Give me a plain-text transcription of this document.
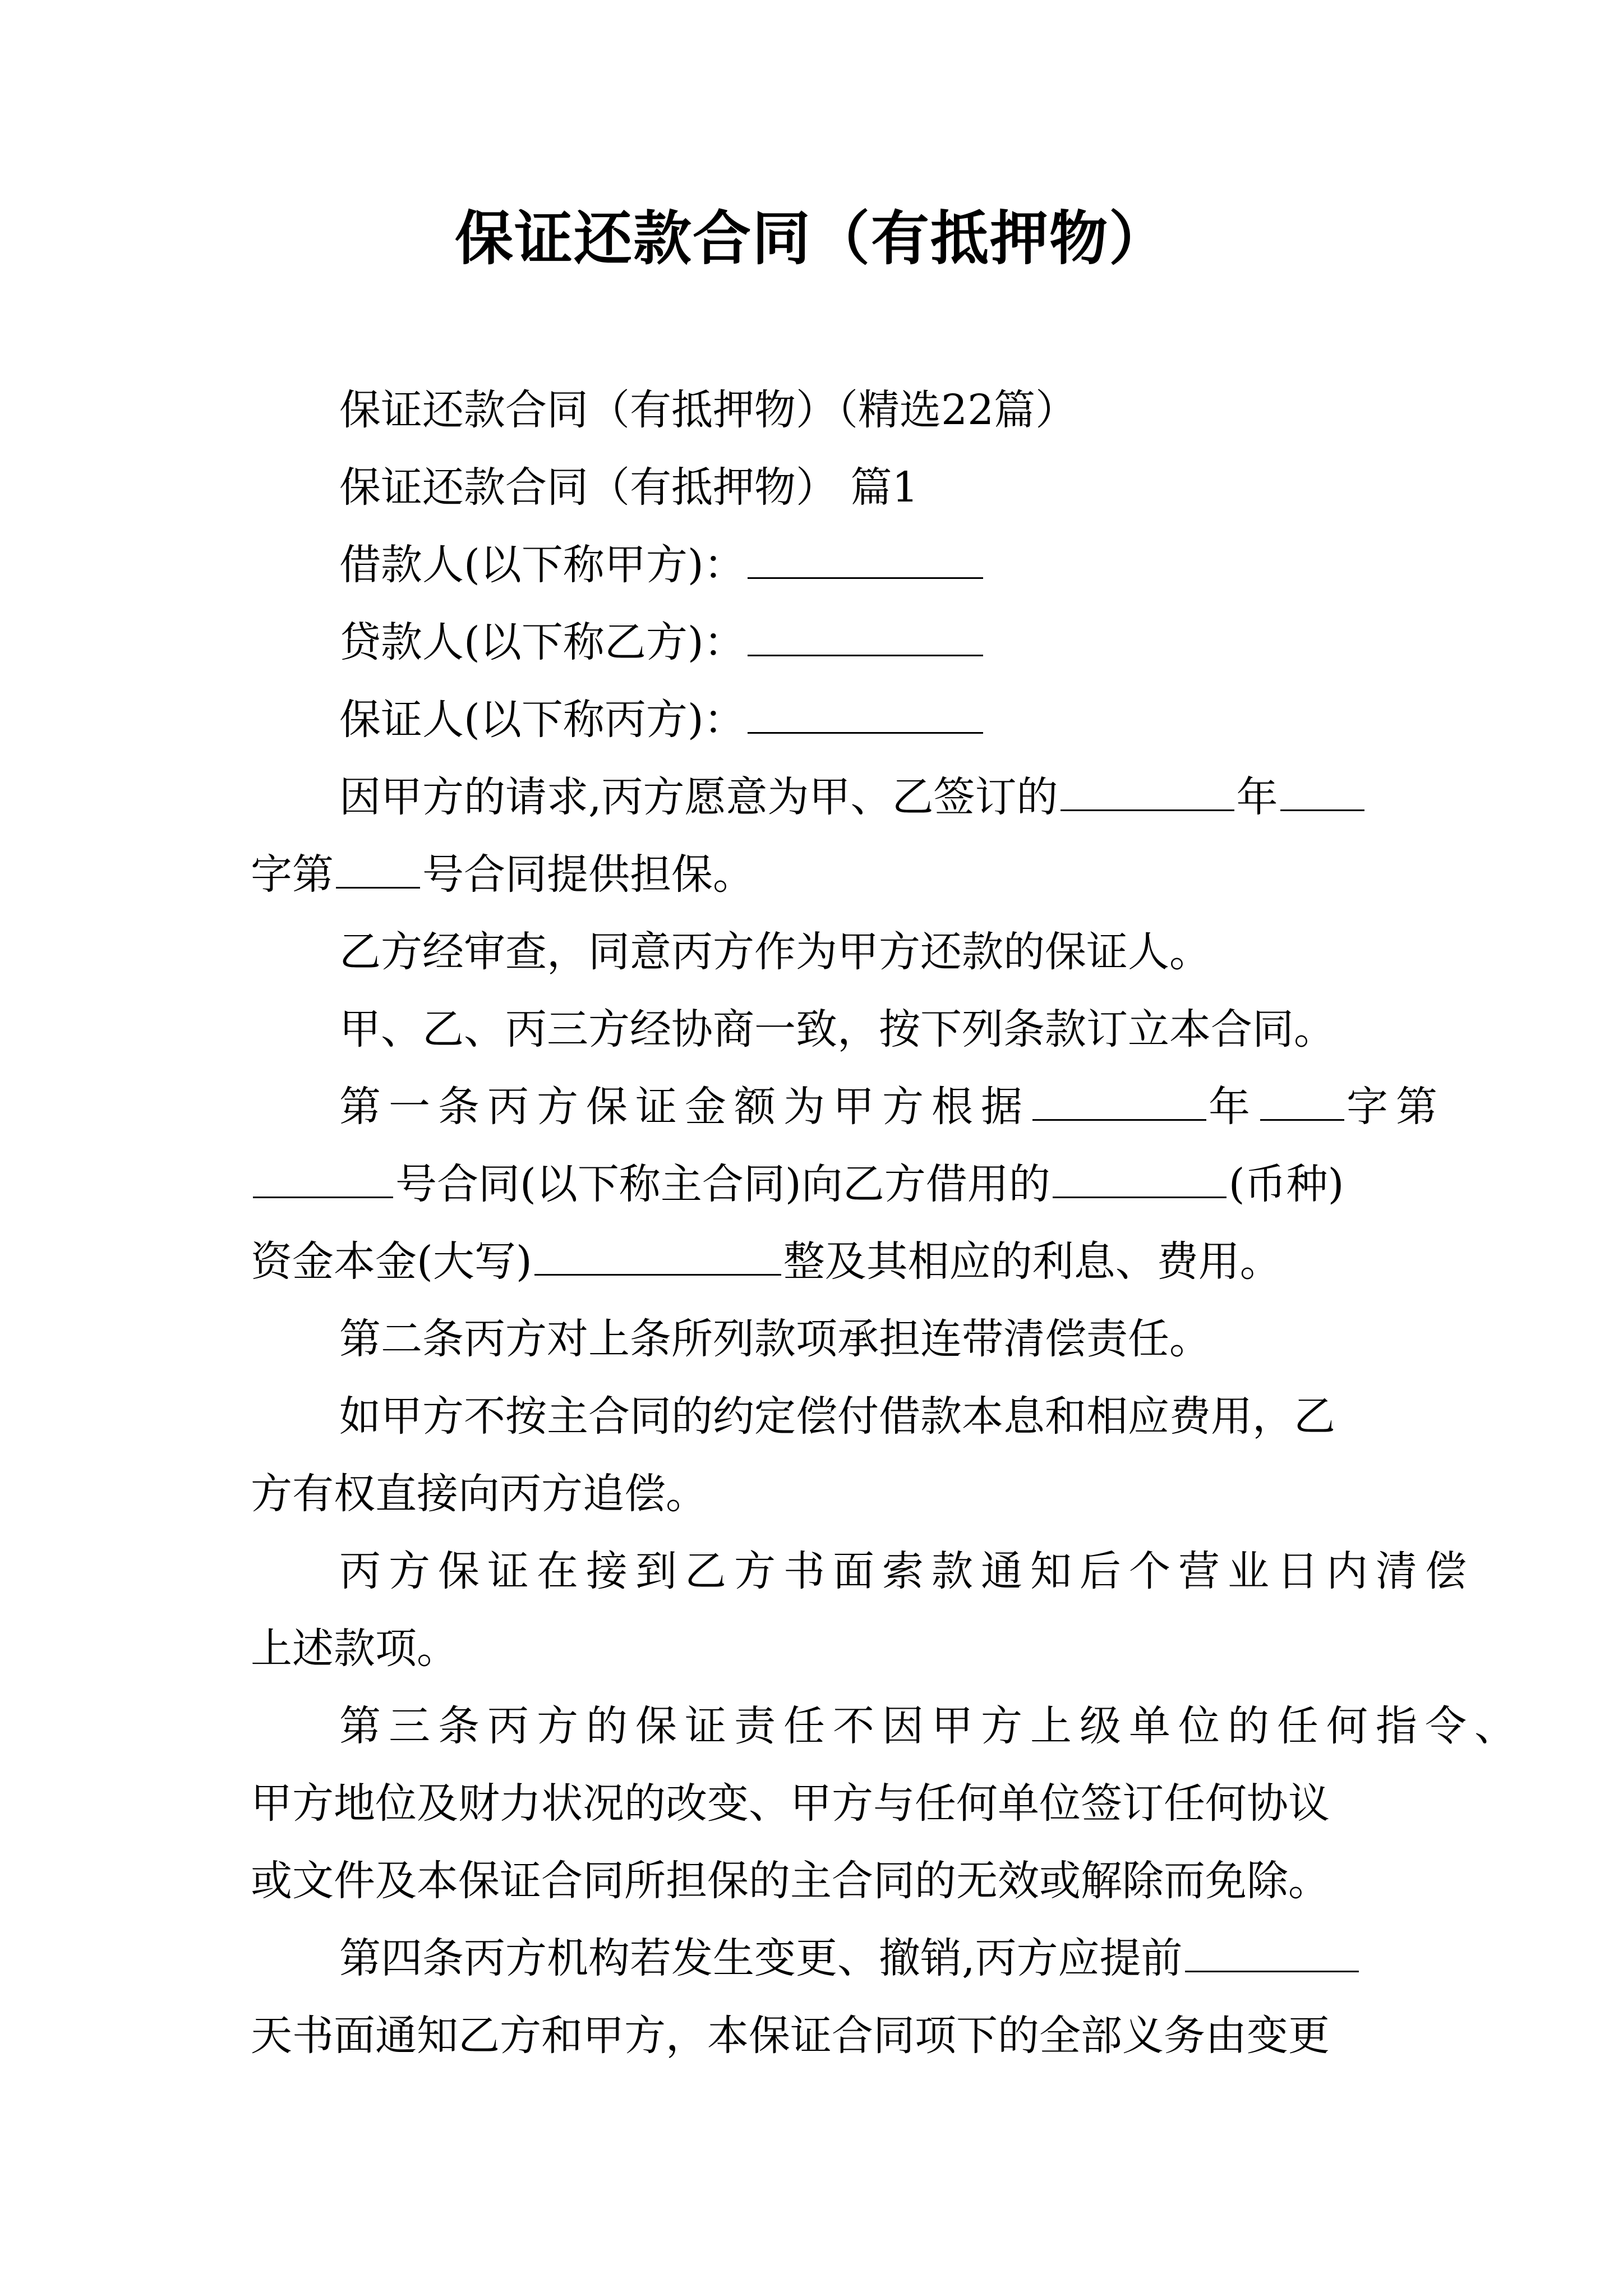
保证还款合同（有抵押物）
保证还款合同（有抵押物）（精选22篇）
保证还款合同（有抵押物） 篇1
借款人(以下称甲方)：
贷款人(以下称乙方)：
保证人(以下称丙方)：
因甲方的请求,丙方愿意为甲、乙签订的	年
字第 号合同提供担保。
乙方经审查，同意丙方作为甲方还款的保证人。
甲、乙、丙三方经协商一致，按下列条款订立本合同。
第一条丙方保证金额为甲方根据	年 字第
号合同(以下称主合同)向乙方借用的	(币种)
资金本金(大写)	整及其相应的利息、费用。
第二条丙方对上条所列款项承担连带清偿责任。
如甲方不按主合同的约定偿付借款本息和相应费用，乙
方有权直接向丙方追偿。
丙方保证在接到乙方书面索款通知后个营业日内清偿
上述款项。
第三条丙方的保证责任不因甲方上级单位的任何指令、
甲方地位及财力状况的改变、甲方与任何单位签订任何协议
或文件及本保证合同所担保的主合同的无效或解除而免除。
第四条丙方机构若发生变更、撤销,丙方应提前
天书面通知乙方和甲方，本保证合同项下的全部义务由变更
